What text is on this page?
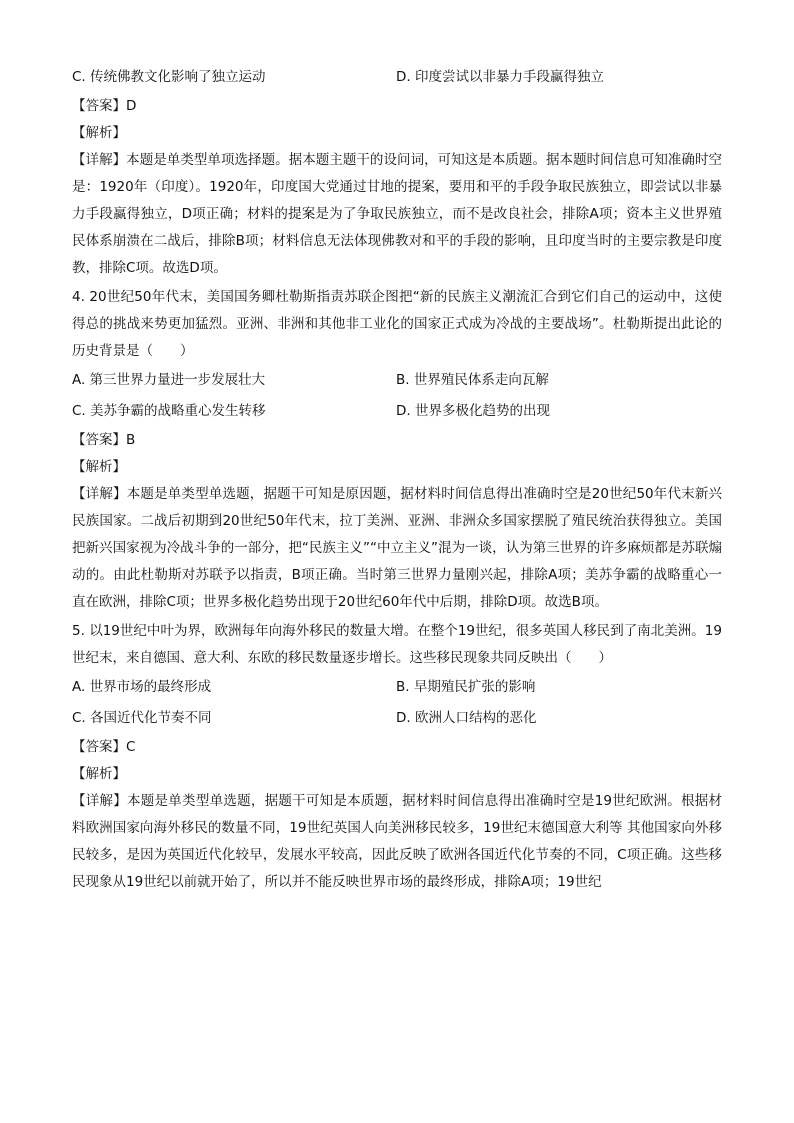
C. 传统佛教文化影响了独立运动	D. 印度尝试以非暴力手段赢得独立
【答案】D
【解析】
【详解】本题是单类型单项选择题。据本题主题干的设问词，可知这是本质题。据本题时间信息可知准确时空是：1920年（印度）。1920年，印度国大党通过甘地的提案，要用和平的手段争取民族独立，即尝试以非暴力手段赢得独立，D项正确；材料的提案是为了争取民族独立，而不是改良社会，排除A项；资本主义世界殖民体系崩溃在二战后，排除B项；材料信息无法体现佛教对和平的手段的影响，且印度当时的主要宗教是印度教，排除C项。故选D项。
4. 20世纪50年代末，美国国务卿杜勒斯指责苏联企图把“新的民族主义潮流汇合到它们自己的运动中，这使得总的挑战来势更加猛烈。亚洲、非洲和其他非工业化的国家正式成为冷战的主要战场”。杜勒斯提出此论的历史背景是（　　）
A. 第三世界力量进一步发展壮大	B. 世界殖民体系走向瓦解
C. 美苏争霸的战略重心发生转移	D. 世界多极化趋势的出现
【答案】B
【解析】
【详解】本题是单类型单选题，据题干可知是原因题，据材料时间信息得出准确时空是20世纪50年代末新兴民族国家。二战后初期到20世纪50年代末，拉丁美洲、亚洲、非洲众多国家摆脱了殖民统治获得独立。美国把新兴国家视为冷战斗争的一部分，把“民族主义”“中立主义”混为一谈，认为第三世界的许多麻烦都是苏联煽动的。由此杜勒斯对苏联予以指责，B项正确。当时第三世界力量刚兴起，排除A项；美苏争霸的战略重心一直在欧洲，排除C项；世界多极化趋势出现于20世纪60年代中后期，排除D项。故选B项。
5. 以19世纪中叶为界，欧洲每年向海外移民的数量大增。在整个19世纪，很多英国人移民到了南北美洲。19世纪末，来自德国、意大利、东欧的移民数量逐步增长。这些移民现象共同反映出（　　）
A. 世界市场的最终形成	B. 早期殖民扩张的影响
C. 各国近代化节奏不同	D. 欧洲人口结构的恶化
【答案】C
【解析】
【详解】本题是单类型单选题，据题干可知是本质题，据材料时间信息得出准确时空是19世纪欧洲。根据材料欧洲国家向海外移民的数量不同，19世纪英国人向美洲移民较多，19世纪末德国意大利等 其他国家向外移民较多，是因为英国近代化较早，发展水平较高，因此反映了欧洲各国近代化节奏的不同，C项正确。这些移民现象从19世纪以前就开始了，所以并不能反映世界市场的最终形成，排除A项；19世纪
